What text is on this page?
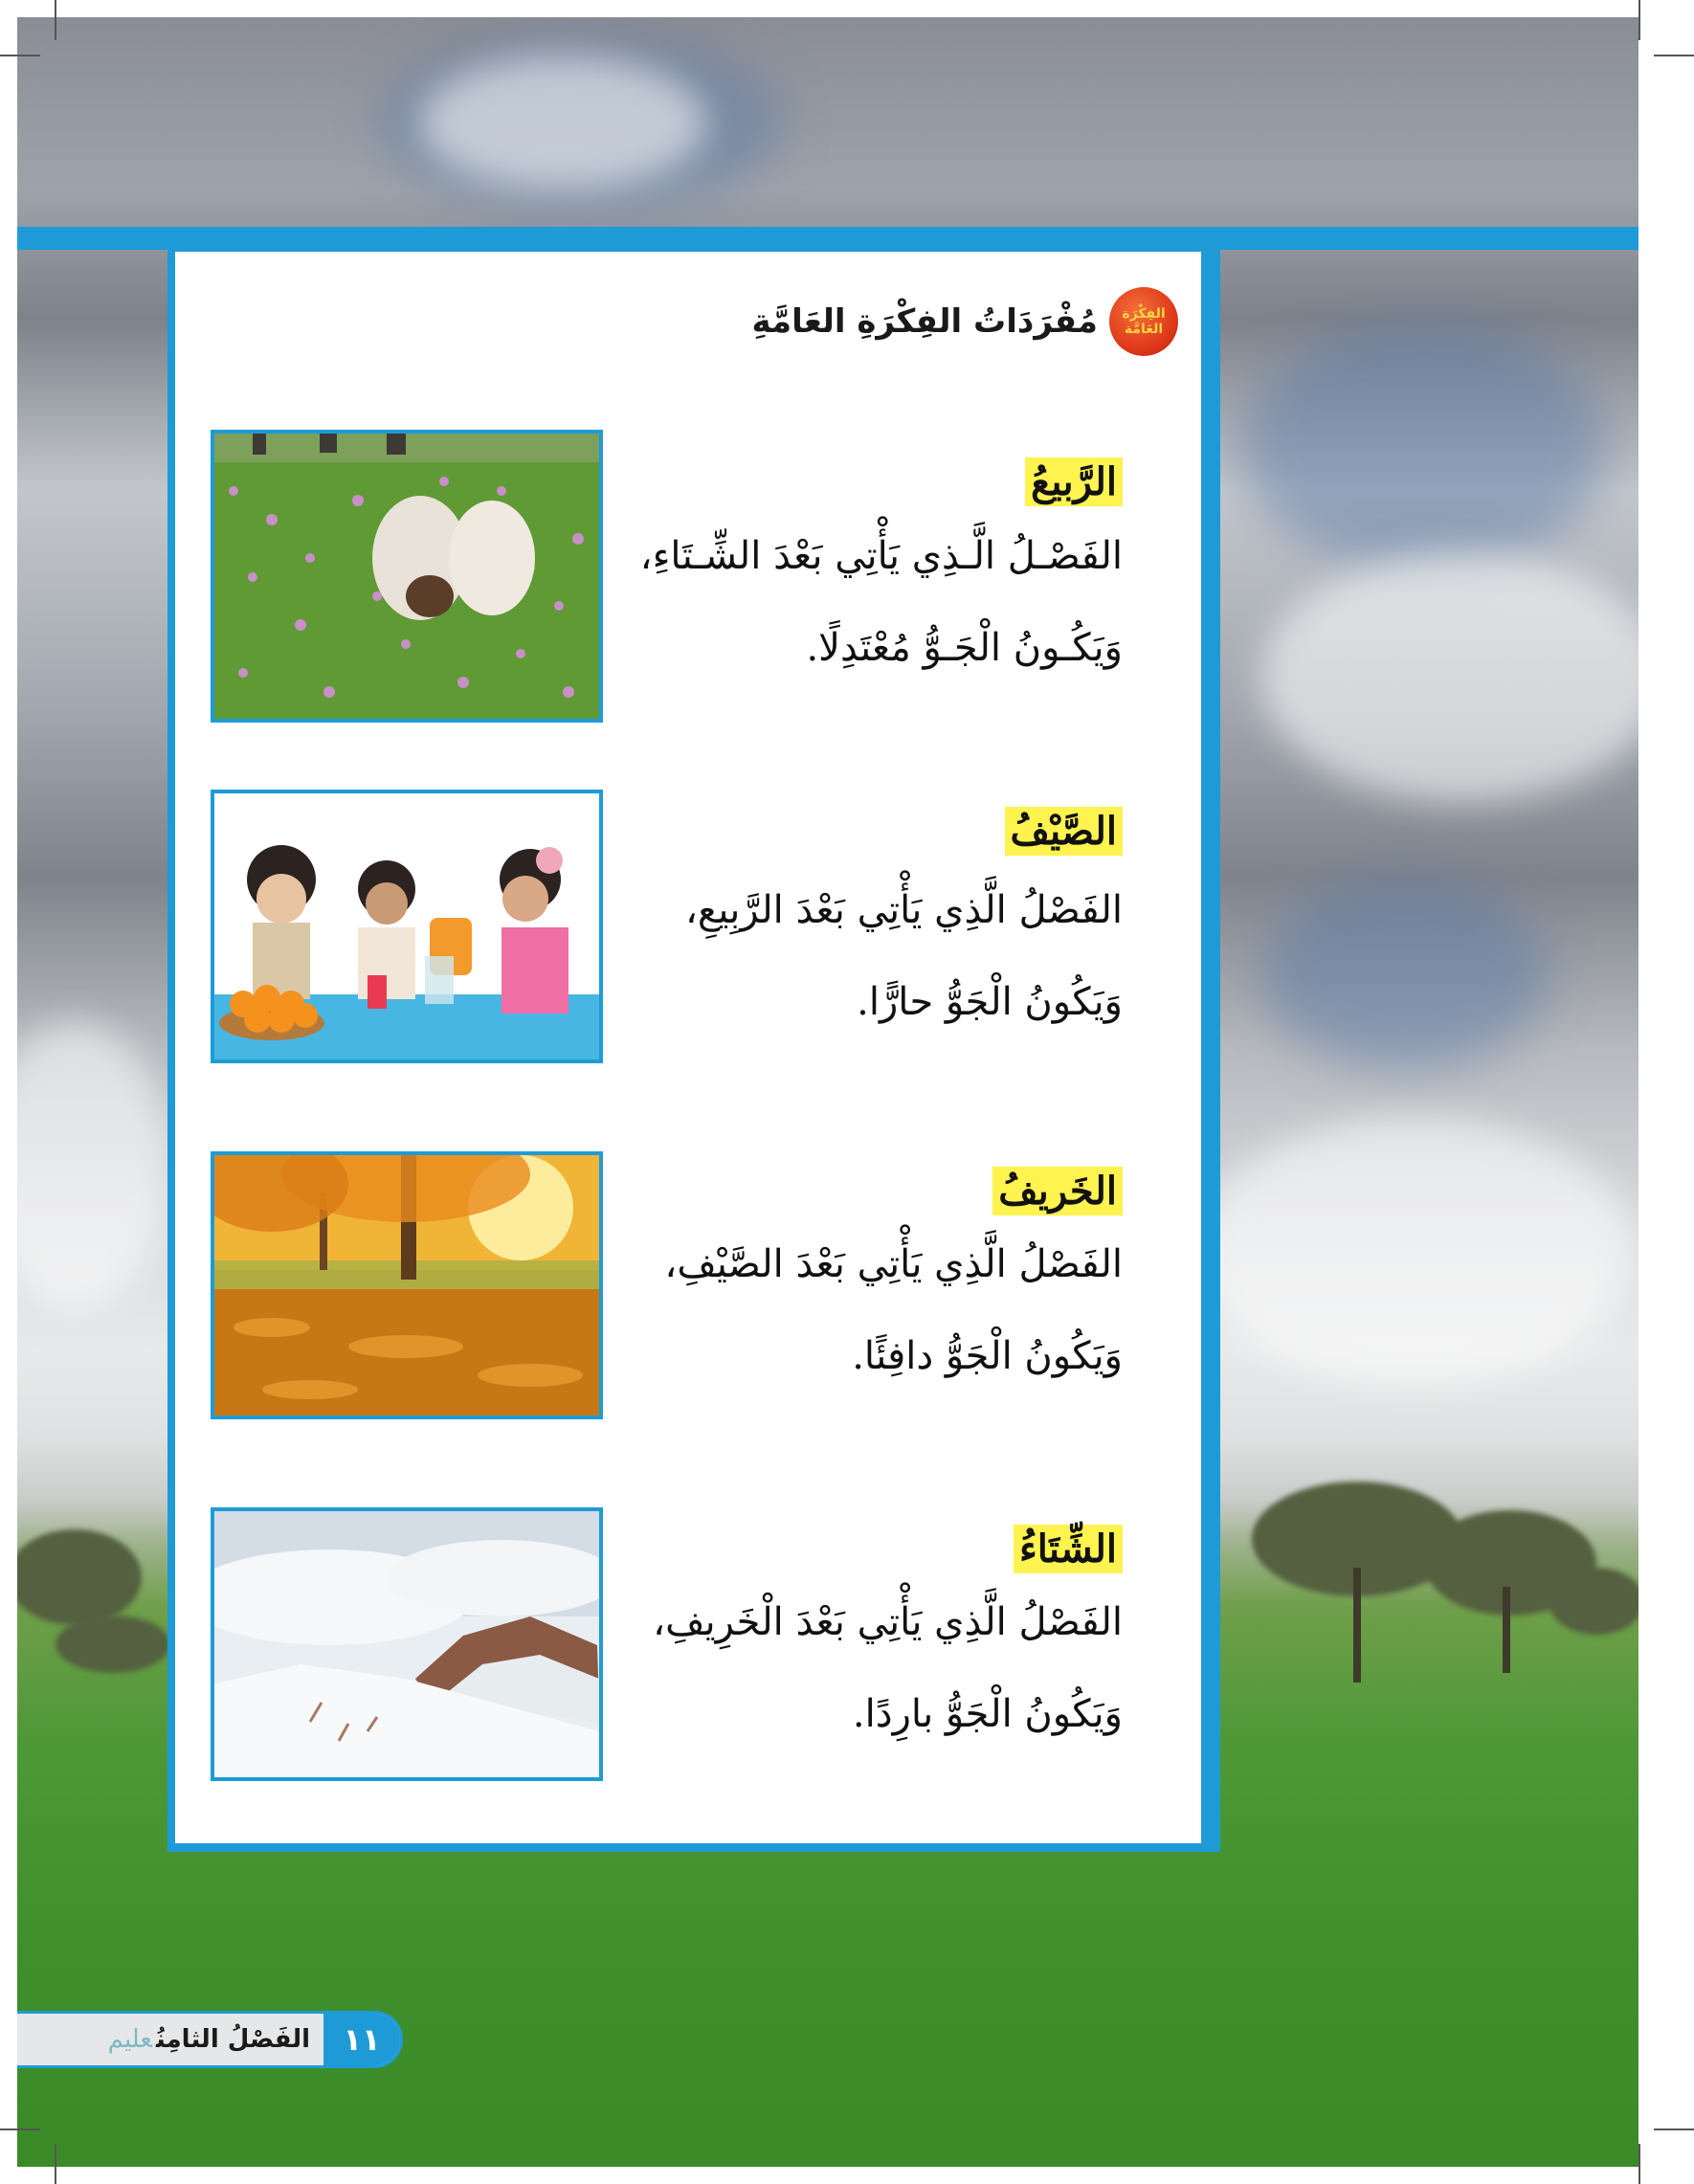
الفِكْرَة العَامَّة
مُفْرَدَاتُ الفِكْرَةِ العَامَّةِ
الرَّبيعُ
الفَصْـلُ الَّـذِي يَأْتِي بَعْدَ الشِّـتَاءِ،
وَيَكُـونُ الْجَـوُّ مُعْتَدِلًا.
الصَّيْفُ
الفَصْلُ الَّذِي يَأْتِي بَعْدَ الرَّبِيعِ،
وَيَكُونُ الْجَوُّ حارًّا.
الخَريفُ
الفَصْلُ الَّذِي يَأْتِي بَعْدَ الصَّيْفِ،
وَيَكُونُ الْجَوُّ دافِئًا.
الشِّتَاءُ
الفَصْلُ الَّذِي يَأْتِي بَعْدَ الْخَرِيفِ،
وَيَكُونُ الْجَوُّ بارِدًا.
١١
الفَصْلُ الثامِنُعليم
